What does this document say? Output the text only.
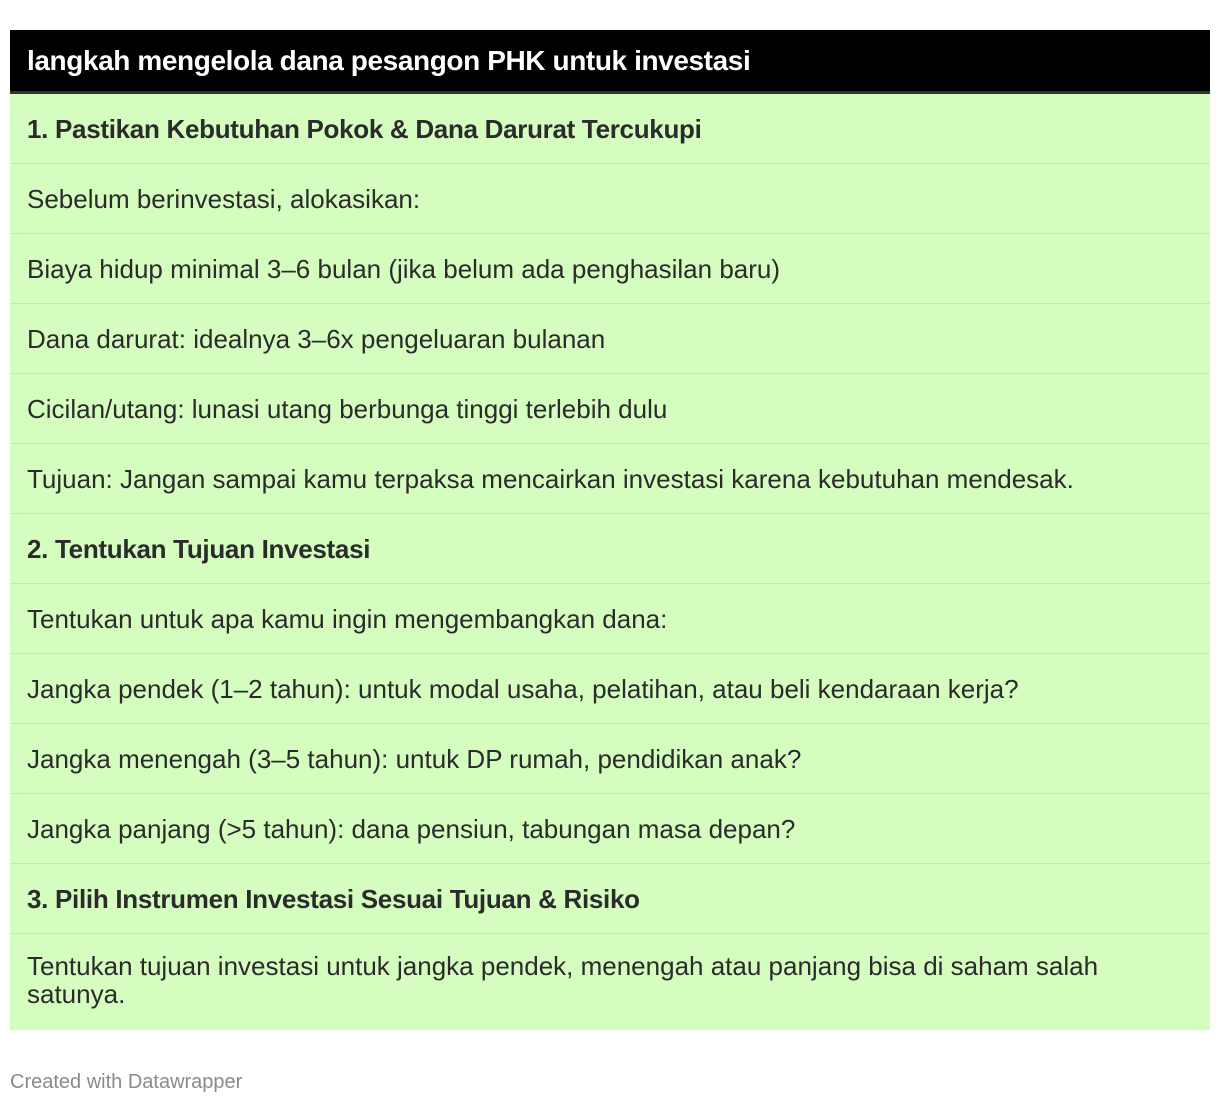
langkah mengelola dana pesangon PHK untuk investasi
1. Pastikan Kebutuhan Pokok & Dana Darurat Tercukupi
Sebelum berinvestasi, alokasikan:
Biaya hidup minimal 3–6 bulan (jika belum ada penghasilan baru)
Dana darurat: idealnya 3–6x pengeluaran bulanan
Cicilan/utang: lunasi utang berbunga tinggi terlebih dulu
Tujuan: Jangan sampai kamu terpaksa mencairkan investasi karena kebutuhan mendesak.
2. Tentukan Tujuan Investasi
Tentukan untuk apa kamu ingin mengembangkan dana:
Jangka pendek (1–2 tahun): untuk modal usaha, pelatihan, atau beli kendaraan kerja?
Jangka menengah (3–5 tahun): untuk DP rumah, pendidikan anak?
Jangka panjang (>5 tahun): dana pensiun, tabungan masa depan?
3. Pilih Instrumen Investasi Sesuai Tujuan & Risiko
Tentukan tujuan investasi untuk jangka pendek, menengah atau panjang bisa di saham salah satunya.
Created with Datawrapper
